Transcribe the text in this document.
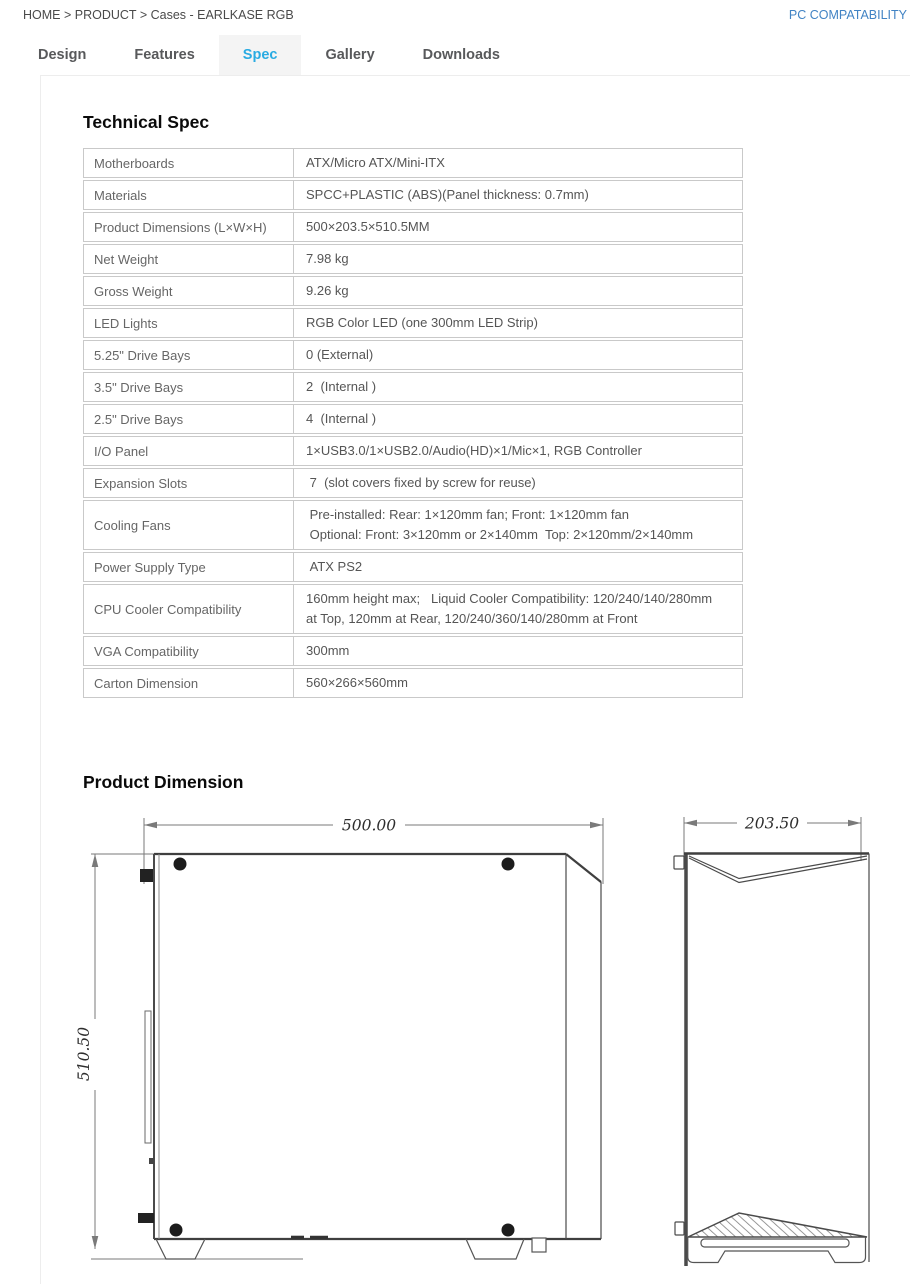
HOME > PRODUCT > Cases - EARLKASE RGB	PC COMPATABILITY
Design	Features	Spec	Gallery	Downloads
Technical Spec
Motherboards	ATX/Micro ATX/Mini-ITX

Materials	SPCC+PLASTIC (ABS)(Panel thickness: 0.7mm)

Product Dimensions (L×W×H)	500×203.5×510.5MM

Net Weight	7.98 kg

Gross Weight	9.26 kg

LED Lights	RGB Color LED (one 300mm LED Strip)

5.25" Drive Bays	0 (External)

3.5" Drive Bays	2  (Internal )

2.5" Drive Bays	4  (Internal )

I/O Panel	1×USB3.0/1×USB2.0/Audio(HD)×1/Mic×1, RGB Controller

Expansion Slots	7  (slot covers fixed by screw for reuse)

Cooling Fans	Pre-installed: Rear: 1×120mm fan; Front: 1×120mm fan
Optional: Front: 3×120mm or 2×140mm  Top: 2×120mm/2×140mm

Power Supply Type	ATX PS2

CPU Cooler Compatibility	160mm height max;   Liquid Cooler Compatibility: 120/240/140/280mm
at Top, 120mm at Rear, 120/240/360/140/280mm at Front

VGA Compatibility	300mm

Carton Dimension	560×266×560mm
Product Dimension
500.00
510.50
203.50
